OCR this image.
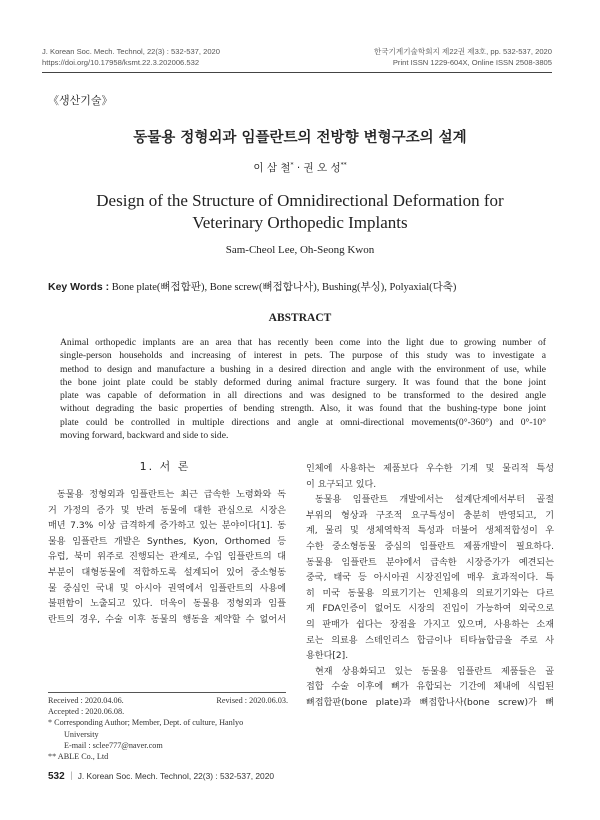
J. Korean Soc. Mech. Technol, 22(3) : 532-537, 2020
https://doi.org/10.17958/ksmt.22.3.202006.532
한국기계기술학회지 제22권 제3호, pp. 532-537, 2020
Print ISSN 1229-604X, Online ISSN 2508-3805
《생산기술》
동물용 정형외과 임플란트의 전방향 변형구조의 설계
이 삼 철* · 권 오 성**
Design of the Structure of Omnidirectional Deformation for
Veterinary Orthopedic Implants
Sam-Cheol Lee, Oh-Seong Kwon
Key Words : Bone plate(뼈접합판), Bone screw(뼈접합나사), Bushing(부싱), Polyaxial(다축)
ABSTRACT
Animal orthopedic implants are an area that has recently been come into the light due to growing number of
single-person households and increasing of interest in pets. The purpose of this study was to investigate a
method to design and manufacture a bushing in a desired direction and angle with the environment of use, while
the bone joint plate could be stably deformed during animal fracture surgery. It was found that the bone joint
plate was capable of deformation in all directions and was designed to be transformed to the desired angle
without degrading the basic properties of bending strength. Also, it was found that the bushing-type bone joint
plate could be controlled in multiple directions and angle at omni-directional movements(0°-360°) and 0°-10°
moving forward, backward and side to side.
1. 서 론
동물용 정형외과 임플란트는 최근 급속한 노령화와 독
거 가정의 증가 및 반려 동물에 대한 관심으로 시장은
매년 7.3% 이상 급격하게 증가하고 있는 분야이다[1]. 동
물용 임플란트 개발은 Synthes, Kyon, Orthomed 등
유럽, 북미 위주로 진행되는 관계로, 수입 임플란트의 대
부분이 대형동물에 적합하도록 설계되어 있어 중소형동
물 중심인 국내 및 아시아 권역에서 임플란트의 사용에
불편함이 노출되고 있다. 더욱이 동물용 정형외과 임플
란트의 경우, 수술 이후 동물의 행동을 제약할 수 없어서
인체에 사용하는 제품보다 우수한 기계 및 물리적 특성
이 요구되고 있다.
동물용 임플란트 개발에서는 설계단계에서부터 골절
부위의 형상과 구조적 요구특성이 충분히 반영되고, 기
계, 물리 및 생체역학적 특성과 더불어 생체적합성이 우
수한 중소형동물 중심의 임플란트 제품개발이 필요하다.
동물용 임플란트 분야에서 급속한 시장증가가 예견되는
중국, 태국 등 아시아권 시장진입에 매우 효과적이다. 특
히 미국 동물용 의료기기는 인체용의 의료기기와는 다르
게 FDA인증이 없어도 시장의 진입이 가능하여 외국으로
의 판매가 쉽다는 장점을 가지고 있으며, 사용하는 소재
로는 의료용 스테인리스 합금이나 티타늄합금을 주로 사
용한다[2].
현재 상용화되고 있는 동물용 임플란트 제품들은 골
접합 수술 이후에 뼈가 유합되는 기간에 체내에 식립된
뼈접합판(bone plate)과 뼈접합나사(bone screw)가 뼈
Received : 2020.04.06.	Revised : 2020.06.03.
Accepted : 2020.06.08.
* Corresponding Author; Member, Dept. of culture, Hanlyo
University
E-mail : sclee777@naver.com
** ABLE Co., Ltd
532 ｜ J. Korean Soc. Mech. Technol, 22(3) : 532-537, 2020
